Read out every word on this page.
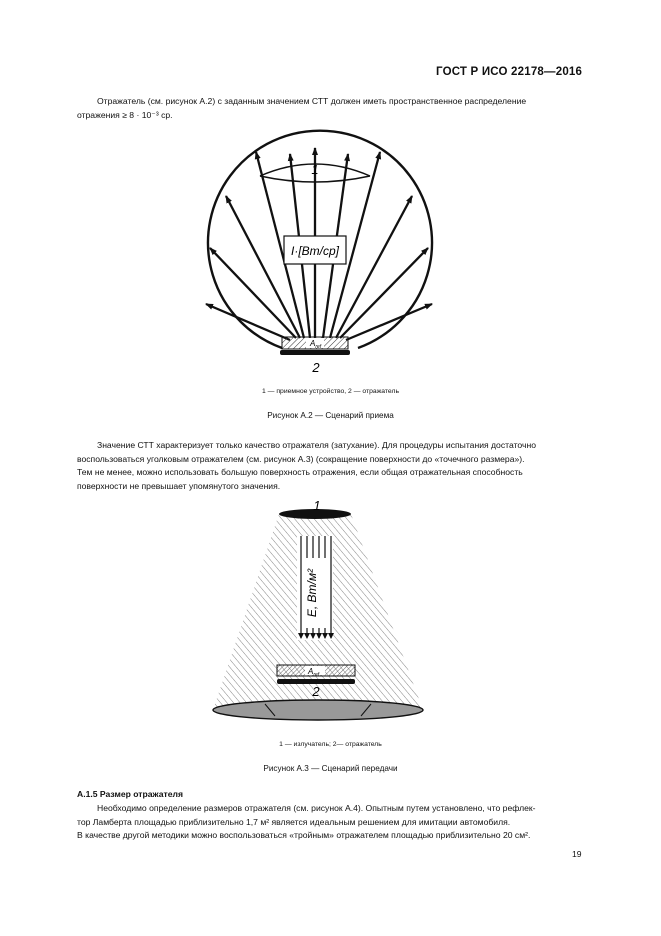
ГОСТ Р ИСО 22178—2016
Отражатель (см. рисунок А.2) с заданным значением СТТ должен иметь пространственное распределение
отражения ≥ 8 · 10⁻³ ср.
1
I·[Вт/ср]
$A_{ref}$
2
1 — приемное устройство, 2 — отражатель
Рисунок А.2 — Сценарий приема
Значение СТТ характеризует только качество отражателя (затухание). Для процедуры испытания достаточно
воспользоваться уголковым отражателем (см. рисунок А.3) (сокращение поверхности до «точечного размера»).
Тем не менее, можно использовать большую поверхность отражения, если общая отражательная способность
поверхности не превышает упомянутого значения.
1
E, Вт/м²
$A_{ref}$
2
1 — излучатель; 2— отражатель
Рисунок А.3 — Сценарий передачи
А.1.5 Размер отражателя
Необходимо определение размеров отражателя (см. рисунок А.4). Опытным путем установлено, что рефлек-
тор Ламберта площадью приблизительно 1,7 м² является идеальным решением для имитации автомобиля.
В качестве другой методики можно воспользоваться «тройным» отражателем площадью приблизительно 20 см².
19
